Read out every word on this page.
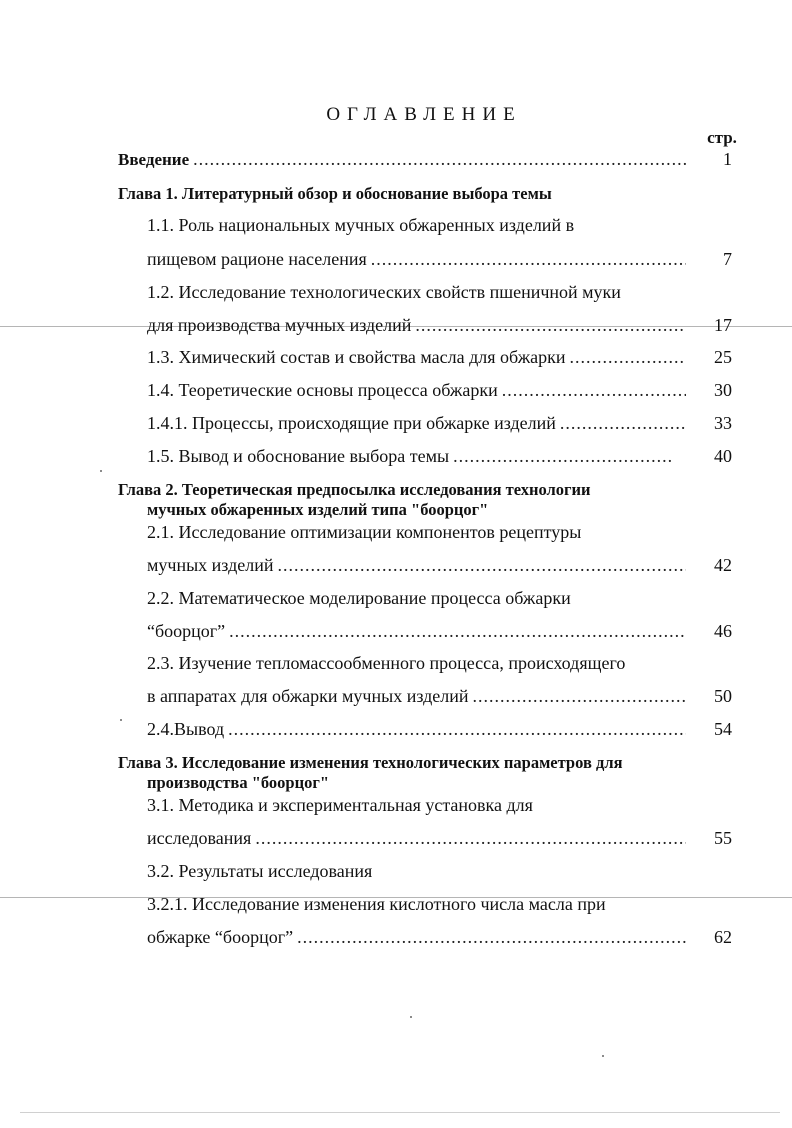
ОГЛАВЛЕНИЕ
стр.
Введение .....	1
Глава 1. Литературный обзор и обоснование выбора темы
1.1. Роль национальных мучных обжаренных изделий в
пищевом рационе населения .....	7
1.2. Исследование технологических свойств пшеничной муки
для производства мучных изделий .....	17
1.3. Химический состав и свойства масла для обжарки .....	25
1.4. Теоретические основы процесса обжарки .....	30
1.4.1. Процессы, происходящие при обжарке изделий .....	33
1.5. Вывод и обоснование выбора темы .....	40
Глава 2. Теоретическая предпосылка исследования технологии
мучных обжаренных изделий типа "боорцог"
2.1. Исследование оптимизации компонентов рецептуры
мучных изделий .....	42
2.2. Математическое моделирование процесса обжарки
“боорцог” .....	46
2.3. Изучение тепломассообменного процесса, происходящего
в аппаратах для обжарки мучных изделий .....	50
2.4.Вывод .....	54
Глава 3. Исследование изменения технологических параметров для
производства "боорцог"
3.1. Методика и экспериментальная установка для
исследования .....	55
3.2. Результаты исследования
3.2.1. Исследование изменения кислотного числа масла при
обжарке “боорцог” .....	62
